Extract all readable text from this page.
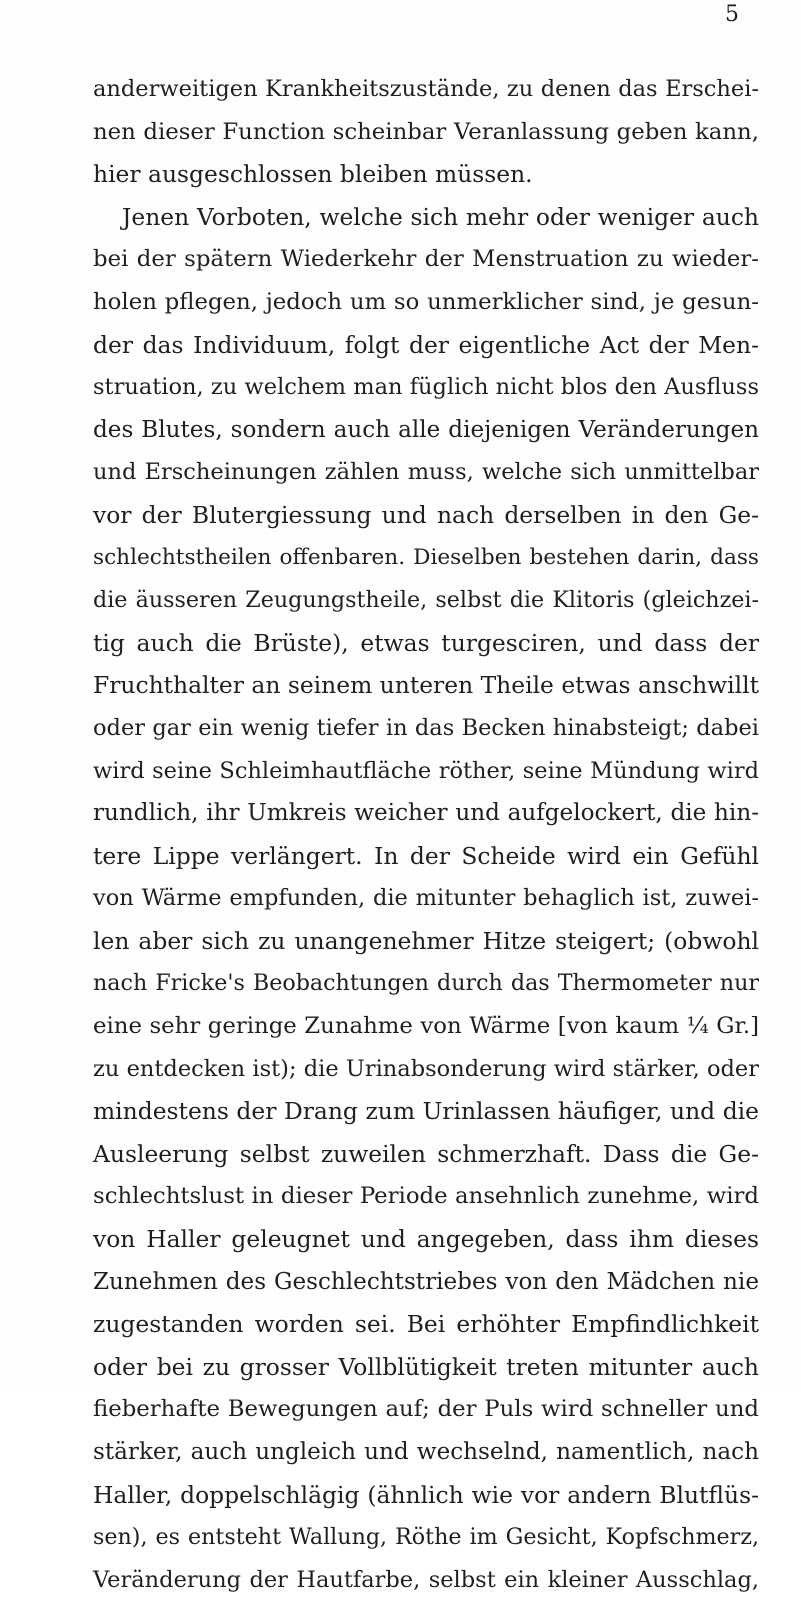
5
anderweitigen Krankheitszustände, zu denen das Erschei-
nen dieser Function scheinbar Veranlassung geben kann,
hier ausgeschlossen bleiben müssen.
Jenen Vorboten, welche sich mehr oder weniger auch
bei der spätern Wiederkehr der Menstruation zu wieder-
holen pflegen, jedoch um so unmerklicher sind, je gesun-
der das Individuum, folgt der eigentliche Act der Men-
struation, zu welchem man füglich nicht blos den Ausfluss
des Blutes, sondern auch alle diejenigen Veränderungen
und Erscheinungen zählen muss, welche sich unmittelbar
vor der Blutergiessung und nach derselben in den Ge-
schlechtstheilen offenbaren. Dieselben bestehen darin, dass
die äusseren Zeugungstheile, selbst die Klitoris (gleichzei-
tig auch die Brüste), etwas turgesciren, und dass der
Fruchthalter an seinem unteren Theile etwas anschwillt
oder gar ein wenig tiefer in das Becken hinabsteigt; dabei
wird seine Schleimhautfläche röther, seine Mündung wird
rundlich, ihr Umkreis weicher und aufgelockert, die hin-
tere Lippe verlängert. In der Scheide wird ein Gefühl
von Wärme empfunden, die mitunter behaglich ist, zuwei-
len aber sich zu unangenehmer Hitze steigert; (obwohl
nach Fricke's Beobachtungen durch das Thermometer nur
eine sehr geringe Zunahme von Wärme [von kaum ¼ Gr.]
zu entdecken ist); die Urinabsonderung wird stärker, oder
mindestens der Drang zum Urinlassen häufiger, und die
Ausleerung selbst zuweilen schmerzhaft. Dass die Ge-
schlechtslust in dieser Periode ansehnlich zunehme, wird
von Haller geleugnet und angegeben, dass ihm dieses
Zunehmen des Geschlechtstriebes von den Mädchen nie
zugestanden worden sei. Bei erhöhter Empfindlichkeit
oder bei zu grosser Vollblütigkeit treten mitunter auch
fieberhafte Bewegungen auf; der Puls wird schneller und
stärker, auch ungleich und wechselnd, namentlich, nach
Haller, doppelschlägig (ähnlich wie vor andern Blutflüs-
sen), es entsteht Wallung, Röthe im Gesicht, Kopfschmerz,
Veränderung der Hautfarbe, selbst ein kleiner Ausschlag,
